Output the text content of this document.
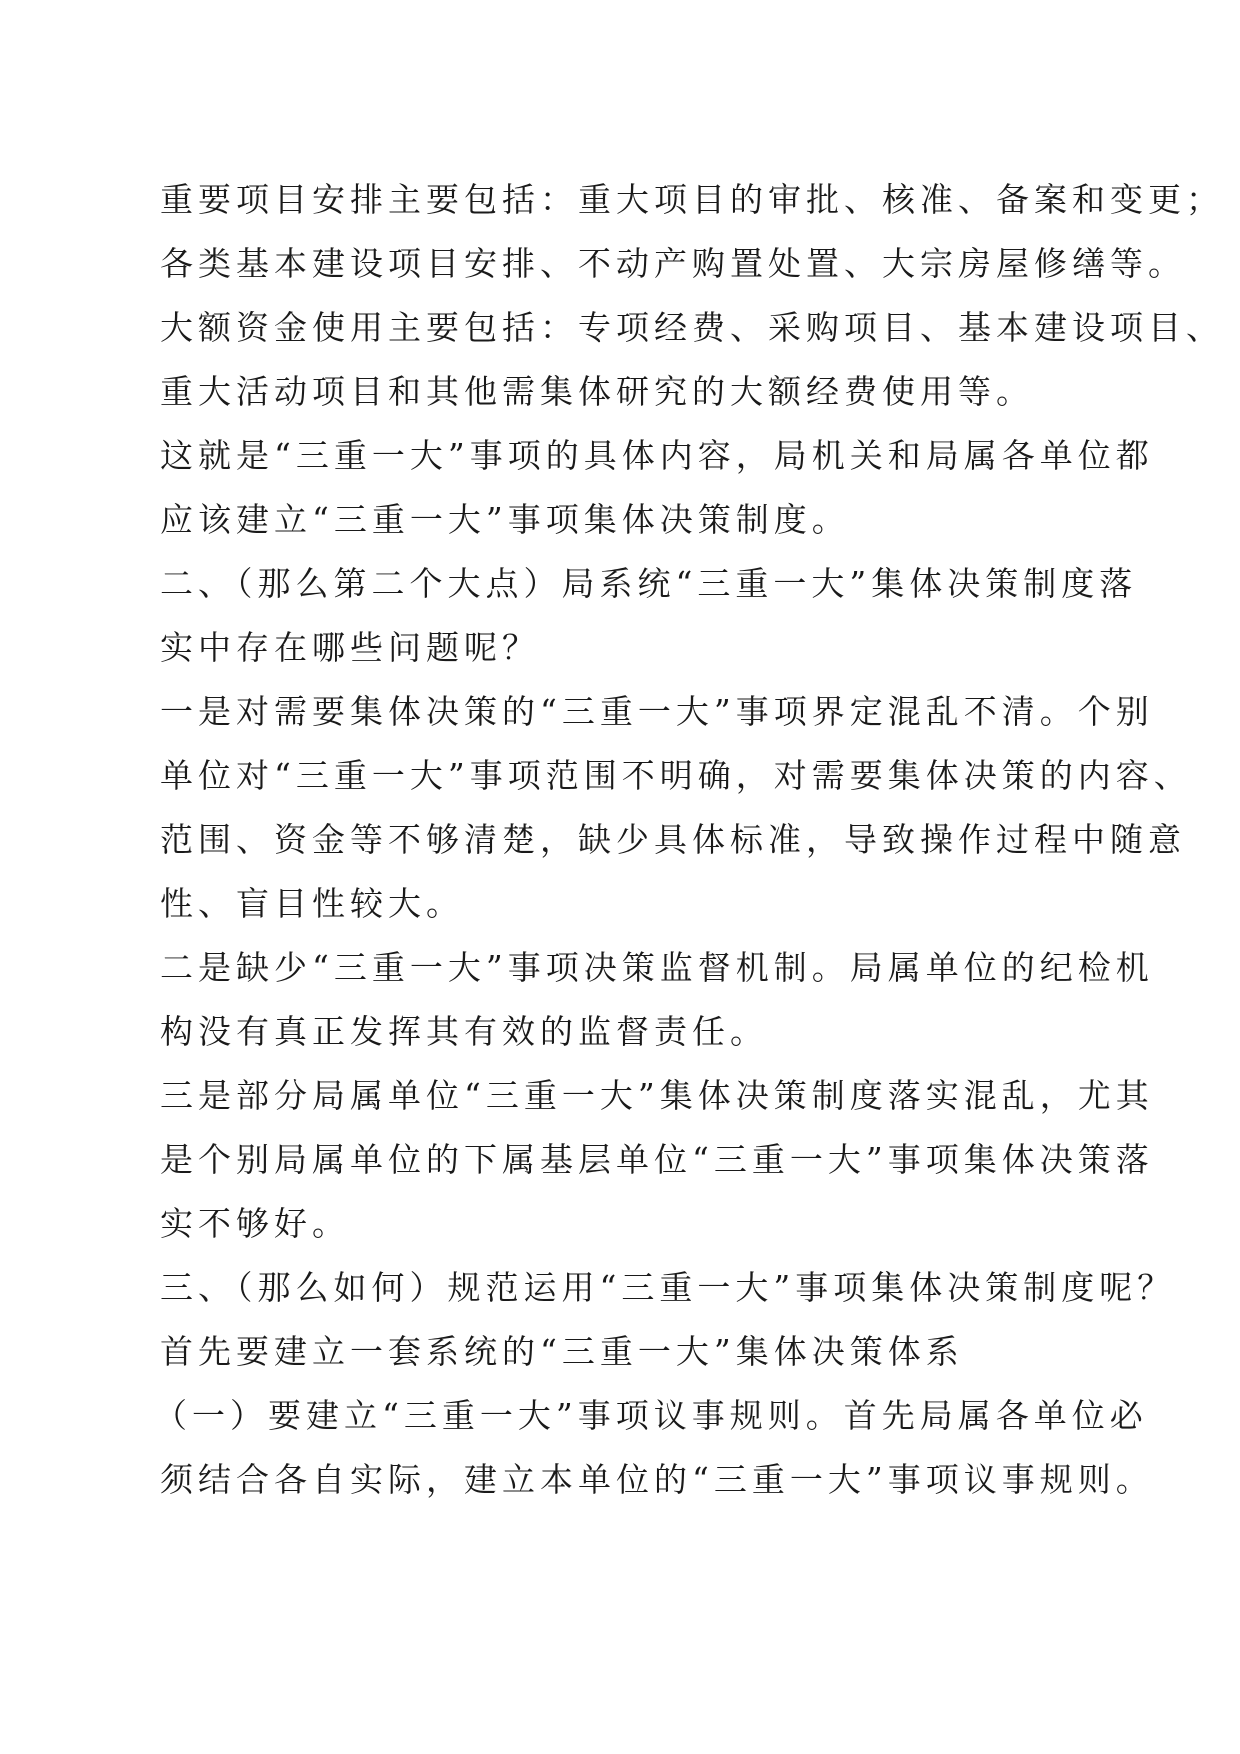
重要项目安排主要包括：重大项目的审批、核准、备案和变更；
各类基本建设项目安排、不动产购置处置、大宗房屋修缮等。
大额资金使用主要包括：专项经费、采购项目、基本建设项目、
重大活动项目和其他需集体研究的大额经费使用等。
这就是“三重一大”事项的具体内容，局机关和局属各单位都
应该建立“三重一大”事项集体决策制度。
二、（那么第二个大点）局系统“三重一大”集体决策制度落
实中存在哪些问题呢？
一是对需要集体决策的“三重一大”事项界定混乱不清。个别
单位对“三重一大”事项范围不明确，对需要集体决策的内容、
范围、资金等不够清楚，缺少具体标准，导致操作过程中随意
性、盲目性较大。
二是缺少“三重一大”事项决策监督机制。局属单位的纪检机
构没有真正发挥其有效的监督责任。
三是部分局属单位“三重一大”集体决策制度落实混乱，尤其
是个别局属单位的下属基层单位“三重一大”事项集体决策落
实不够好。
三、（那么如何）规范运用“三重一大”事项集体决策制度呢？
首先要建立一套系统的“三重一大”集体决策体系
（一）要建立“三重一大”事项议事规则。首先局属各单位必
须结合各自实际，建立本单位的“三重一大”事项议事规则。
